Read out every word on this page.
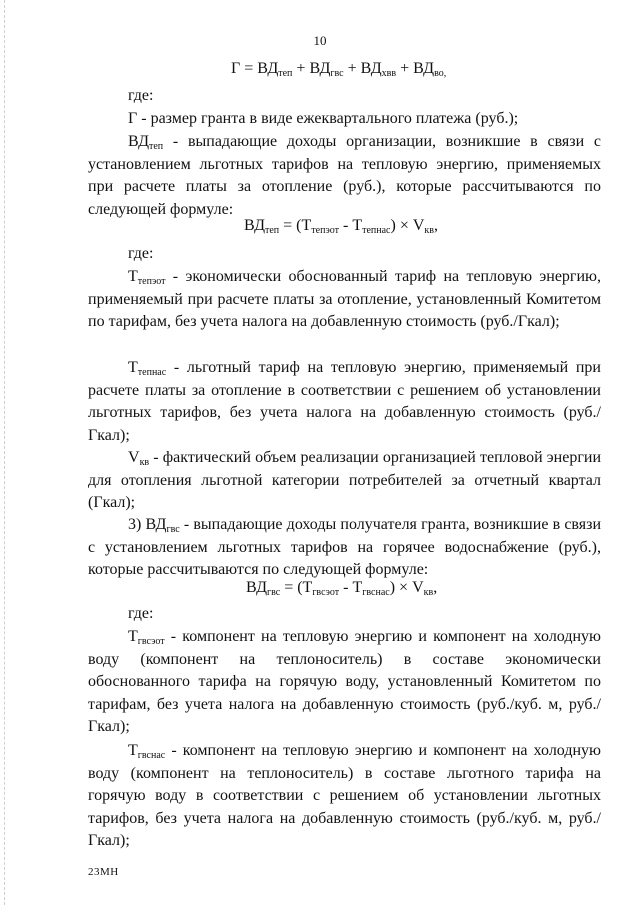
10
$Г = ВД_{теп} + ВД_{гвс} + ВД_{хвв} + ВД_{во,}$
где:
Г - размер гранта в виде ежеквартального платежа (руб.);
$ВД_{теп}$ - выпадающие доходы организации, возникшие в связи с установлением льготных тарифов на тепловую энергию, применяемых при расчете платы за отопление (руб.), которые рассчитываются по следующей формуле:
$ВД_{теп} = (Т_{тепэот} - Т_{тепнас}) \times V_{кв}$,
где:
$Т_{тепэот}$ - экономически обоснованный тариф на тепловую энергию, применяемый при расчете платы за отопление, установленный Комитетом по тарифам, без учета налога на добавленную стоимость (руб./Гкал);
$Т_{тепнас}$ - льготный тариф на тепловую энергию, применяемый при расчете платы за отопление в соответствии с решением об установлении льготных тарифов, без учета налога на добавленную стоимость (руб./Гкал);
$V_{кв}$ - фактический объем реализации организацией тепловой энергии для отопления льготной категории потребителей за отчетный квартал (Гкал);
3) $ВД_{гвс}$ - выпадающие доходы получателя гранта, возникшие в связи с установлением льготных тарифов на горячее водоснабжение (руб.), которые рассчитываются по следующей формуле:
$ВД_{гвс} = (Т_{гвсэот} - Т_{гвснас}) \times V_{кв}$,
где:
$Т_{гвсэот}$ - компонент на тепловую энергию и компонент на холодную воду (компонент на теплоноситель) в составе экономически обоснованного тарифа на горячую воду, установленный Комитетом по тарифам, без учета налога на добавленную стоимость (руб./куб. м, руб./Гкал);
$Т_{гвснас}$ - компонент на тепловую энергию и компонент на холодную воду (компонент на теплоноситель) в составе льготного тарифа на горячую воду в соответствии с решением об установлении льготных тарифов, без учета налога на добавленную стоимость (руб./куб. м, руб./Гкал);
23МН
